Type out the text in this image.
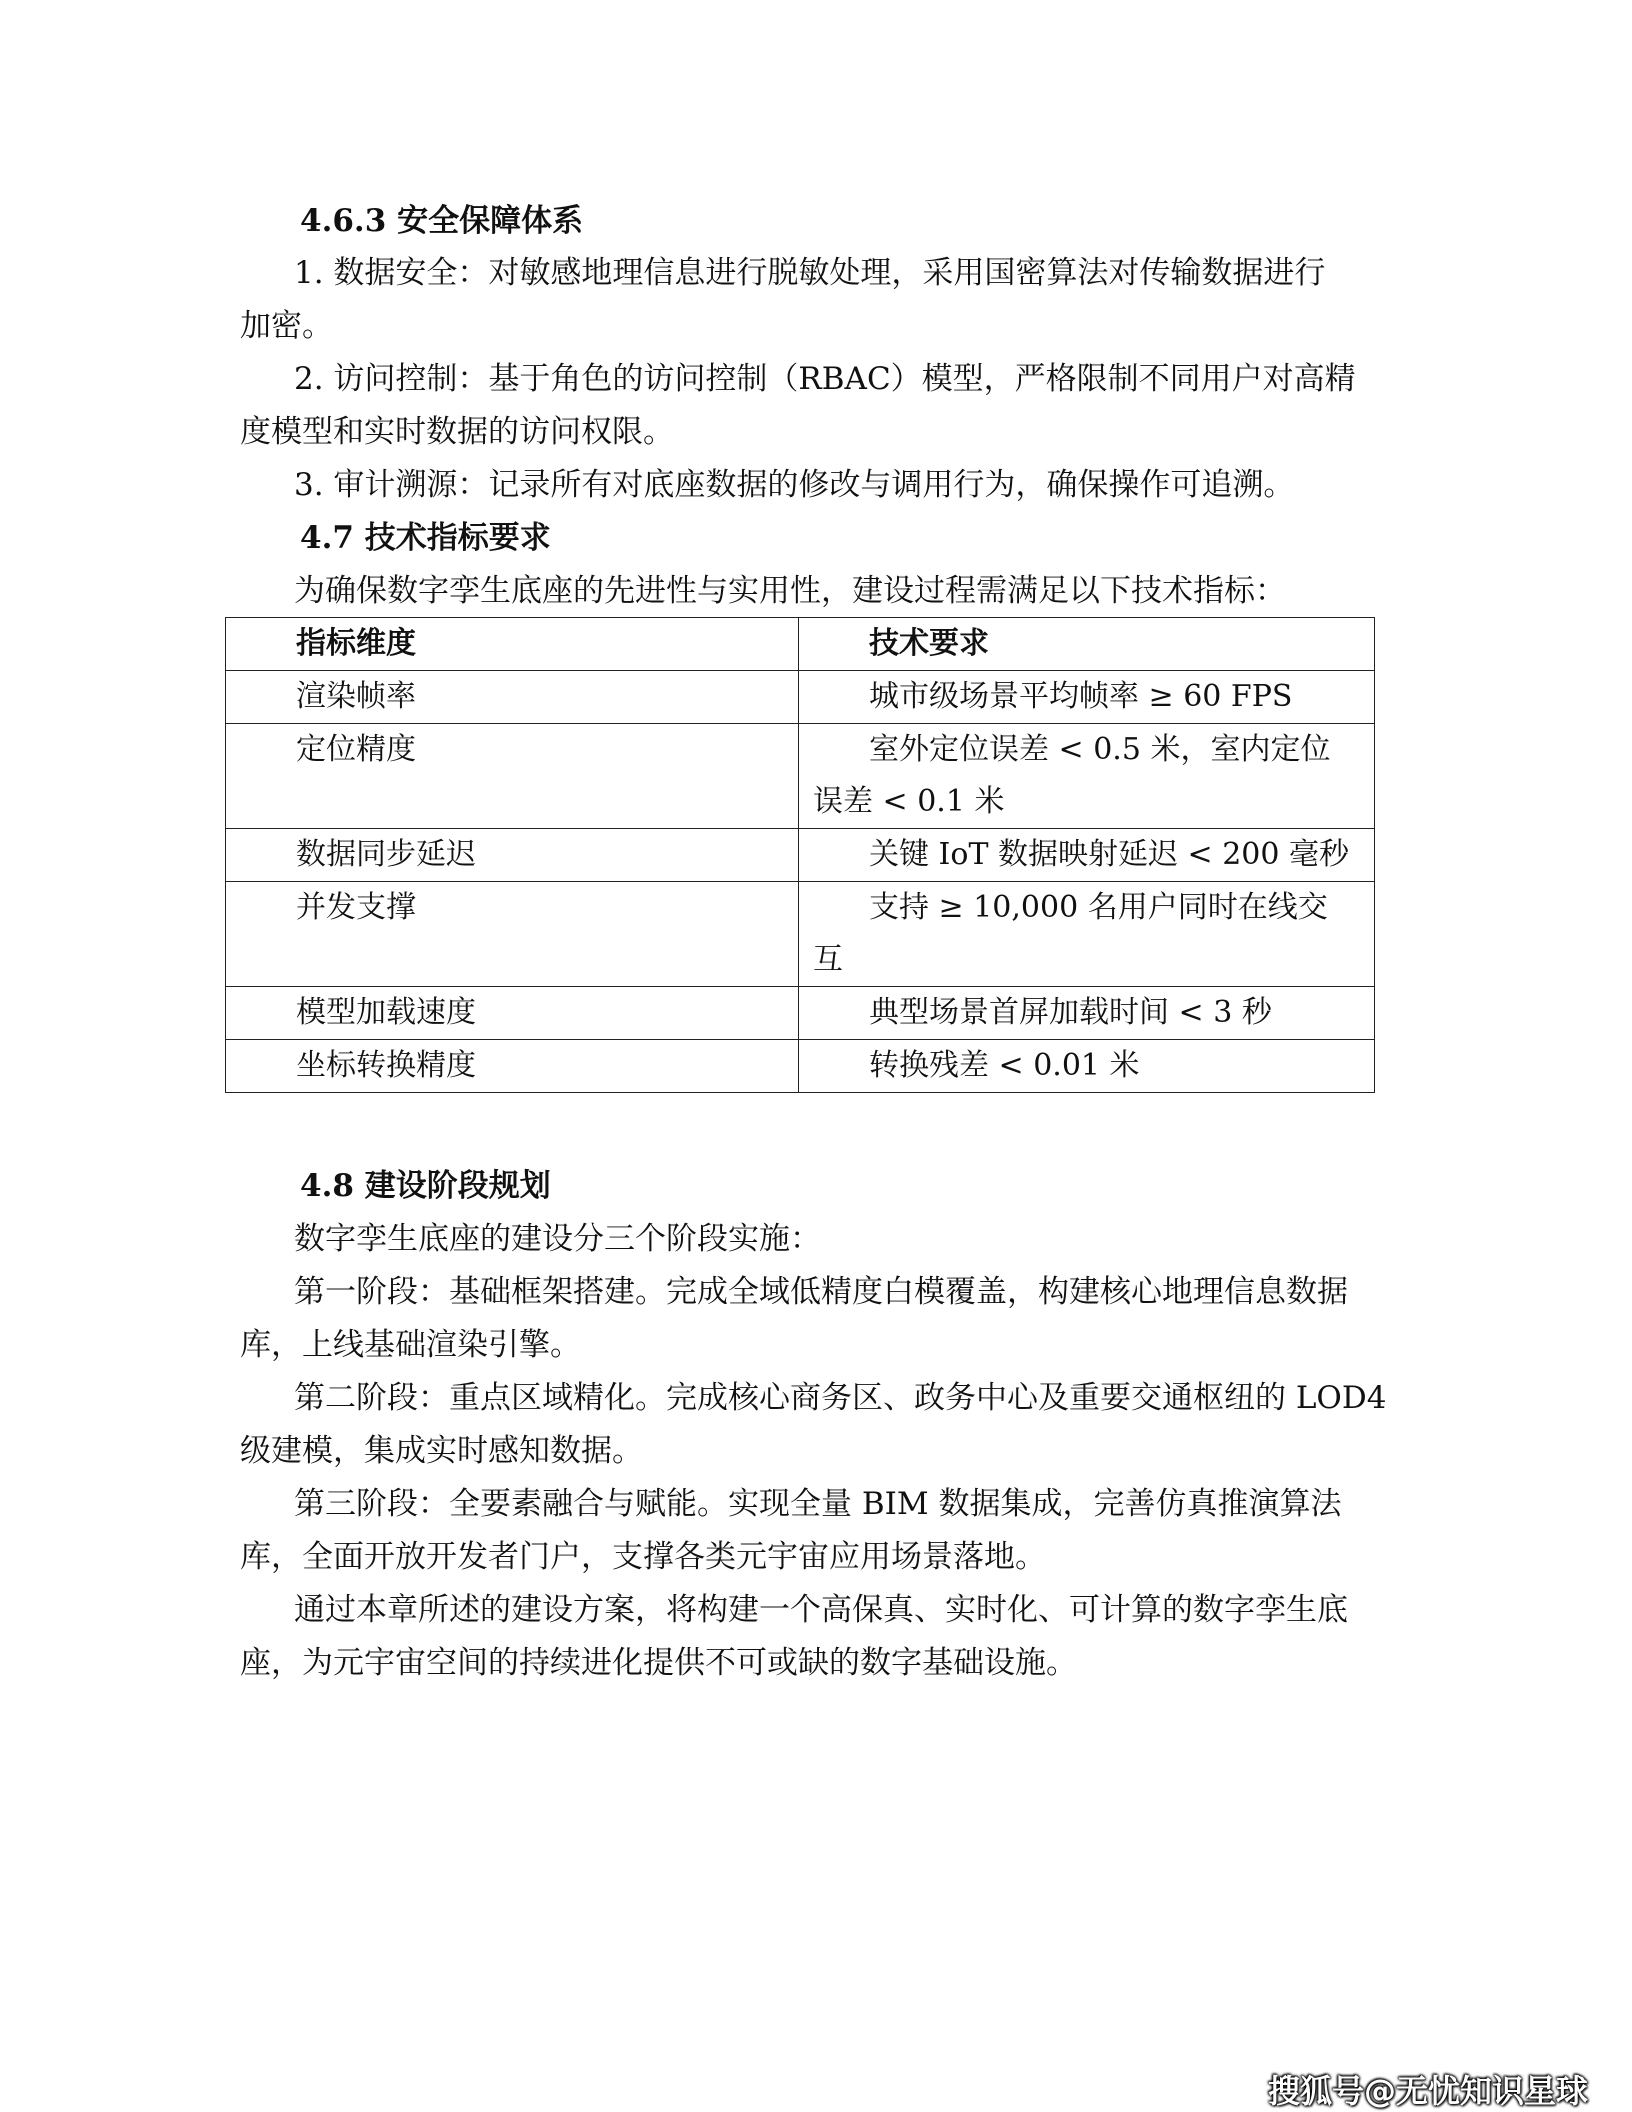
4.6.3 安全保障体系
1. 数据安全：对敏感地理信息进行脱敏处理，采用国密算法对传输数据进行
加密。
2. 访问控制：基于角色的访问控制（RBAC）模型，严格限制不同用户对高精
度模型和实时数据的访问权限。
3. 审计溯源：记录所有对底座数据的修改与调用行为，确保操作可追溯。
4.7 技术指标要求
为确保数字孪生底座的先进性与实用性，建设过程需满足以下技术指标：
指标维度	技术要求

渲染帧率	城市级场景平均帧率 ≥ 60 FPS

定位精度	室外定位误差 < 0.5 米，室内定位
误差 < 0.1 米

数据同步延迟	关键 IoT 数据映射延迟 < 200 毫秒

并发支撑	支持 ≥ 10,000 名用户同时在线交
互

模型加载速度	典型场景首屏加载时间 < 3 秒

坐标转换精度	转换残差 < 0.01 米
4.8 建设阶段规划
数字孪生底座的建设分三个阶段实施：
第一阶段：基础框架搭建。完成全域低精度白模覆盖，构建核心地理信息数据
库，上线基础渲染引擎。
第二阶段：重点区域精化。完成核心商务区、政务中心及重要交通枢纽的 LOD4
级建模，集成实时感知数据。
第三阶段：全要素融合与赋能。实现全量 BIM 数据集成，完善仿真推演算法
库，全面开放开发者门户，支撑各类元宇宙应用场景落地。
通过本章所述的建设方案，将构建一个高保真、实时化、可计算的数字孪生底
座，为元宇宙空间的持续进化提供不可或缺的数字基础设施。
搜狐号@无忧知识星球
